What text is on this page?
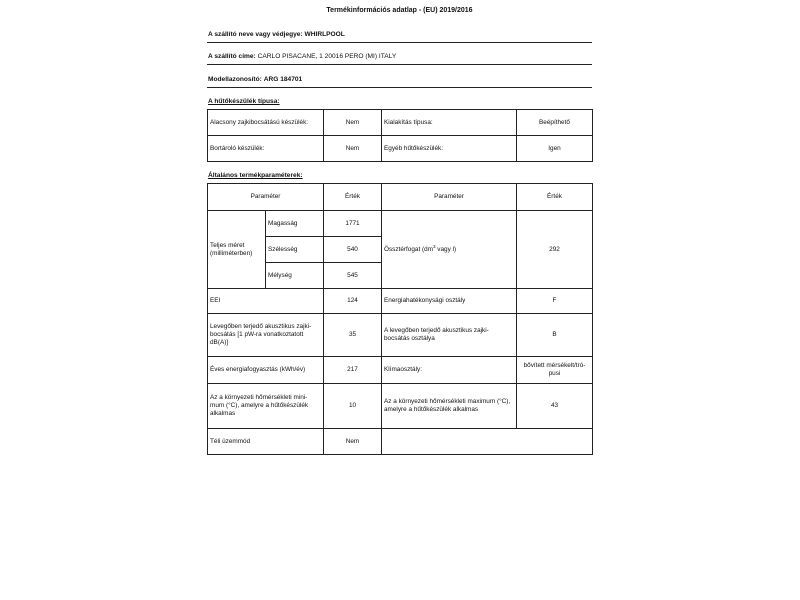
Termékinformációs adatlap - (EU) 2019/2016
A szállító neve vagy védjegye: WHIRLPOOL
A szállító címe: CARLO PISACANE, 1 20016 PERO (MI) ITALY
Modellazonosító: ARG 184701
A hűtőkészülék típusa:
Alacsony zajkibocsátású készülék:	Nem	Kialakítás típusa:	Beépíthető
Bortároló készülék:	Nem	Egyéb hűtőkészülék:	Igen
Általános termékparaméterek:
Paraméter		Érték	Paraméter	Érték
Teljes méret (milliméterben)	Magasság	1771	Össztérfogat ($dm^3$ vagy l)	292
	Szélesség	540		
	Mélység	545		
EEI		124	Energiahatékonysági osztály	F
Levegőben terjedő akusztikus zajki- bocsátás [1 pW-ra vonatkoztatott dB(A)]		35	A levegőben terjedő akusztikus zajki- bocsátás osztálya	B
Éves energiafogyasztás (kWh/év)		217	Klímaosztály:	bővített mérsékelt/tró- pusi
Az a környezeti hőmérsékleti mini- mum (°C), amelyre a hűtőkészülék alkalmas		10	Az a környezeti hőmérsékleti maximum (°C), amelyre a hűtőkészülék alkalmas	43
Téli üzemmód		Nem		
